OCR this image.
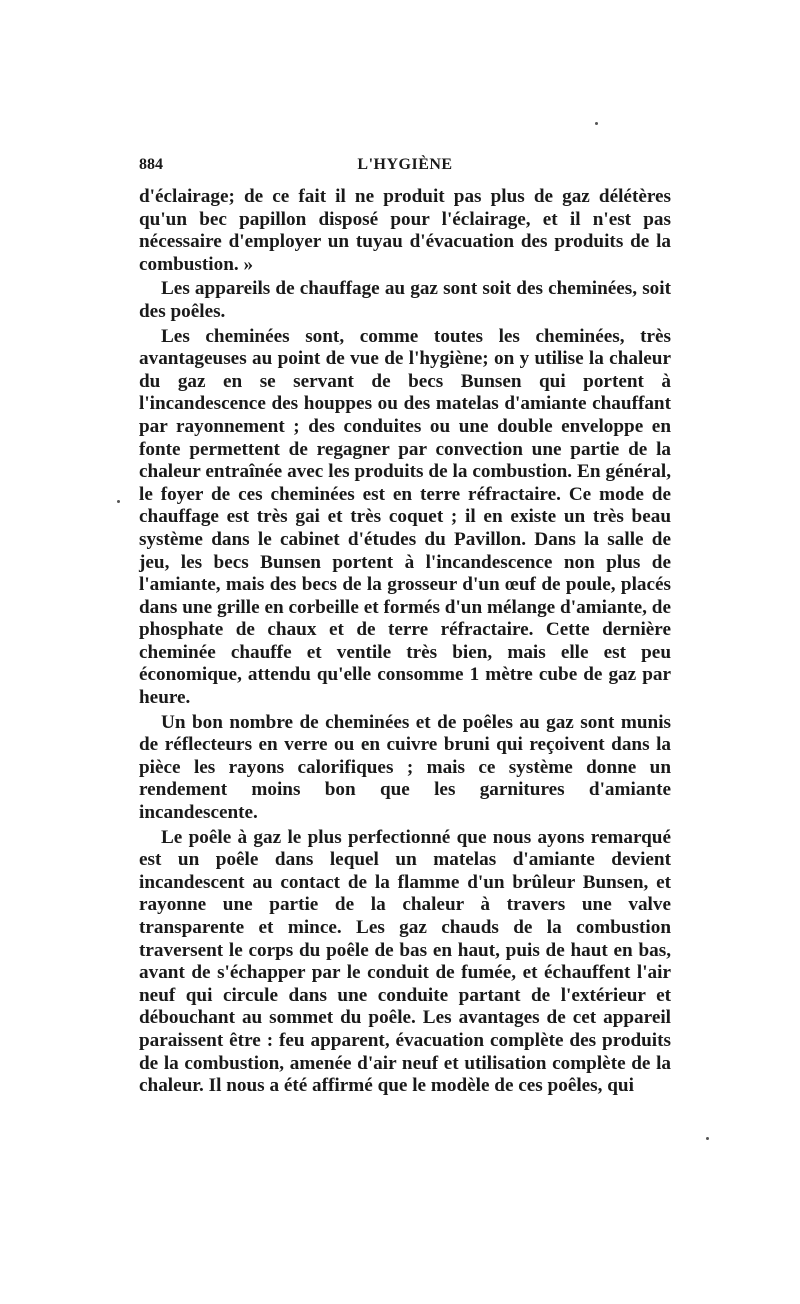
884	L'HYGIÈNE

d'éclairage; de ce fait il ne produit pas plus de gaz délétères qu'un bec papillon disposé pour l'éclairage, et il n'est pas nécessaire d'employer un tuyau d'évacuation des produits de la combustion. »

Les appareils de chauffage au gaz sont soit des cheminées, soit des poêles.

Les cheminées sont, comme toutes les cheminées, très avantageuses au point de vue de l'hygiène; on y utilise la chaleur du gaz en se servant de becs Bunsen qui portent à l'incandescence des houppes ou des matelas d'amiante chauffant par rayonnement ; des conduites ou une double enveloppe en fonte permettent de regagner par convection une partie de la chaleur entraînée avec les produits de la combustion. En général, le foyer de ces cheminées est en terre réfractaire. Ce mode de chauffage est très gai et très coquet ; il en existe un très beau système dans le cabinet d'études du Pavillon. Dans la salle de jeu, les becs Bunsen portent à l'incandescence non plus de l'amiante, mais des becs de la grosseur d'un œuf de poule, placés dans une grille en corbeille et formés d'un mélange d'amiante, de phosphate de chaux et de terre réfractaire. Cette dernière cheminée chauffe et ventile très bien, mais elle est peu économique, attendu qu'elle consomme 1 mètre cube de gaz par heure.

Un bon nombre de cheminées et de poêles au gaz sont munis de réflecteurs en verre ou en cuivre bruni qui reçoivent dans la pièce les rayons calorifiques ; mais ce système donne un rendement moins bon que les garnitures d'amiante incandescente.

Le poêle à gaz le plus perfectionné que nous ayons remarqué est un poêle dans lequel un matelas d'amiante devient incandescent au contact de la flamme d'un brûleur Bunsen, et rayonne une partie de la chaleur à travers une valve transparente et mince. Les gaz chauds de la combustion traversent le corps du poêle de bas en haut, puis de haut en bas, avant de s'échapper par le conduit de fumée, et échauffent l'air neuf qui circule dans une conduite partant de l'extérieur et débouchant au sommet du poêle. Les avantages de cet appareil paraissent être : feu apparent, évacuation complète des produits de la combustion, amenée d'air neuf et utilisation complète de la chaleur. Il nous a été affirmé que le modèle de ces poêles, qui
